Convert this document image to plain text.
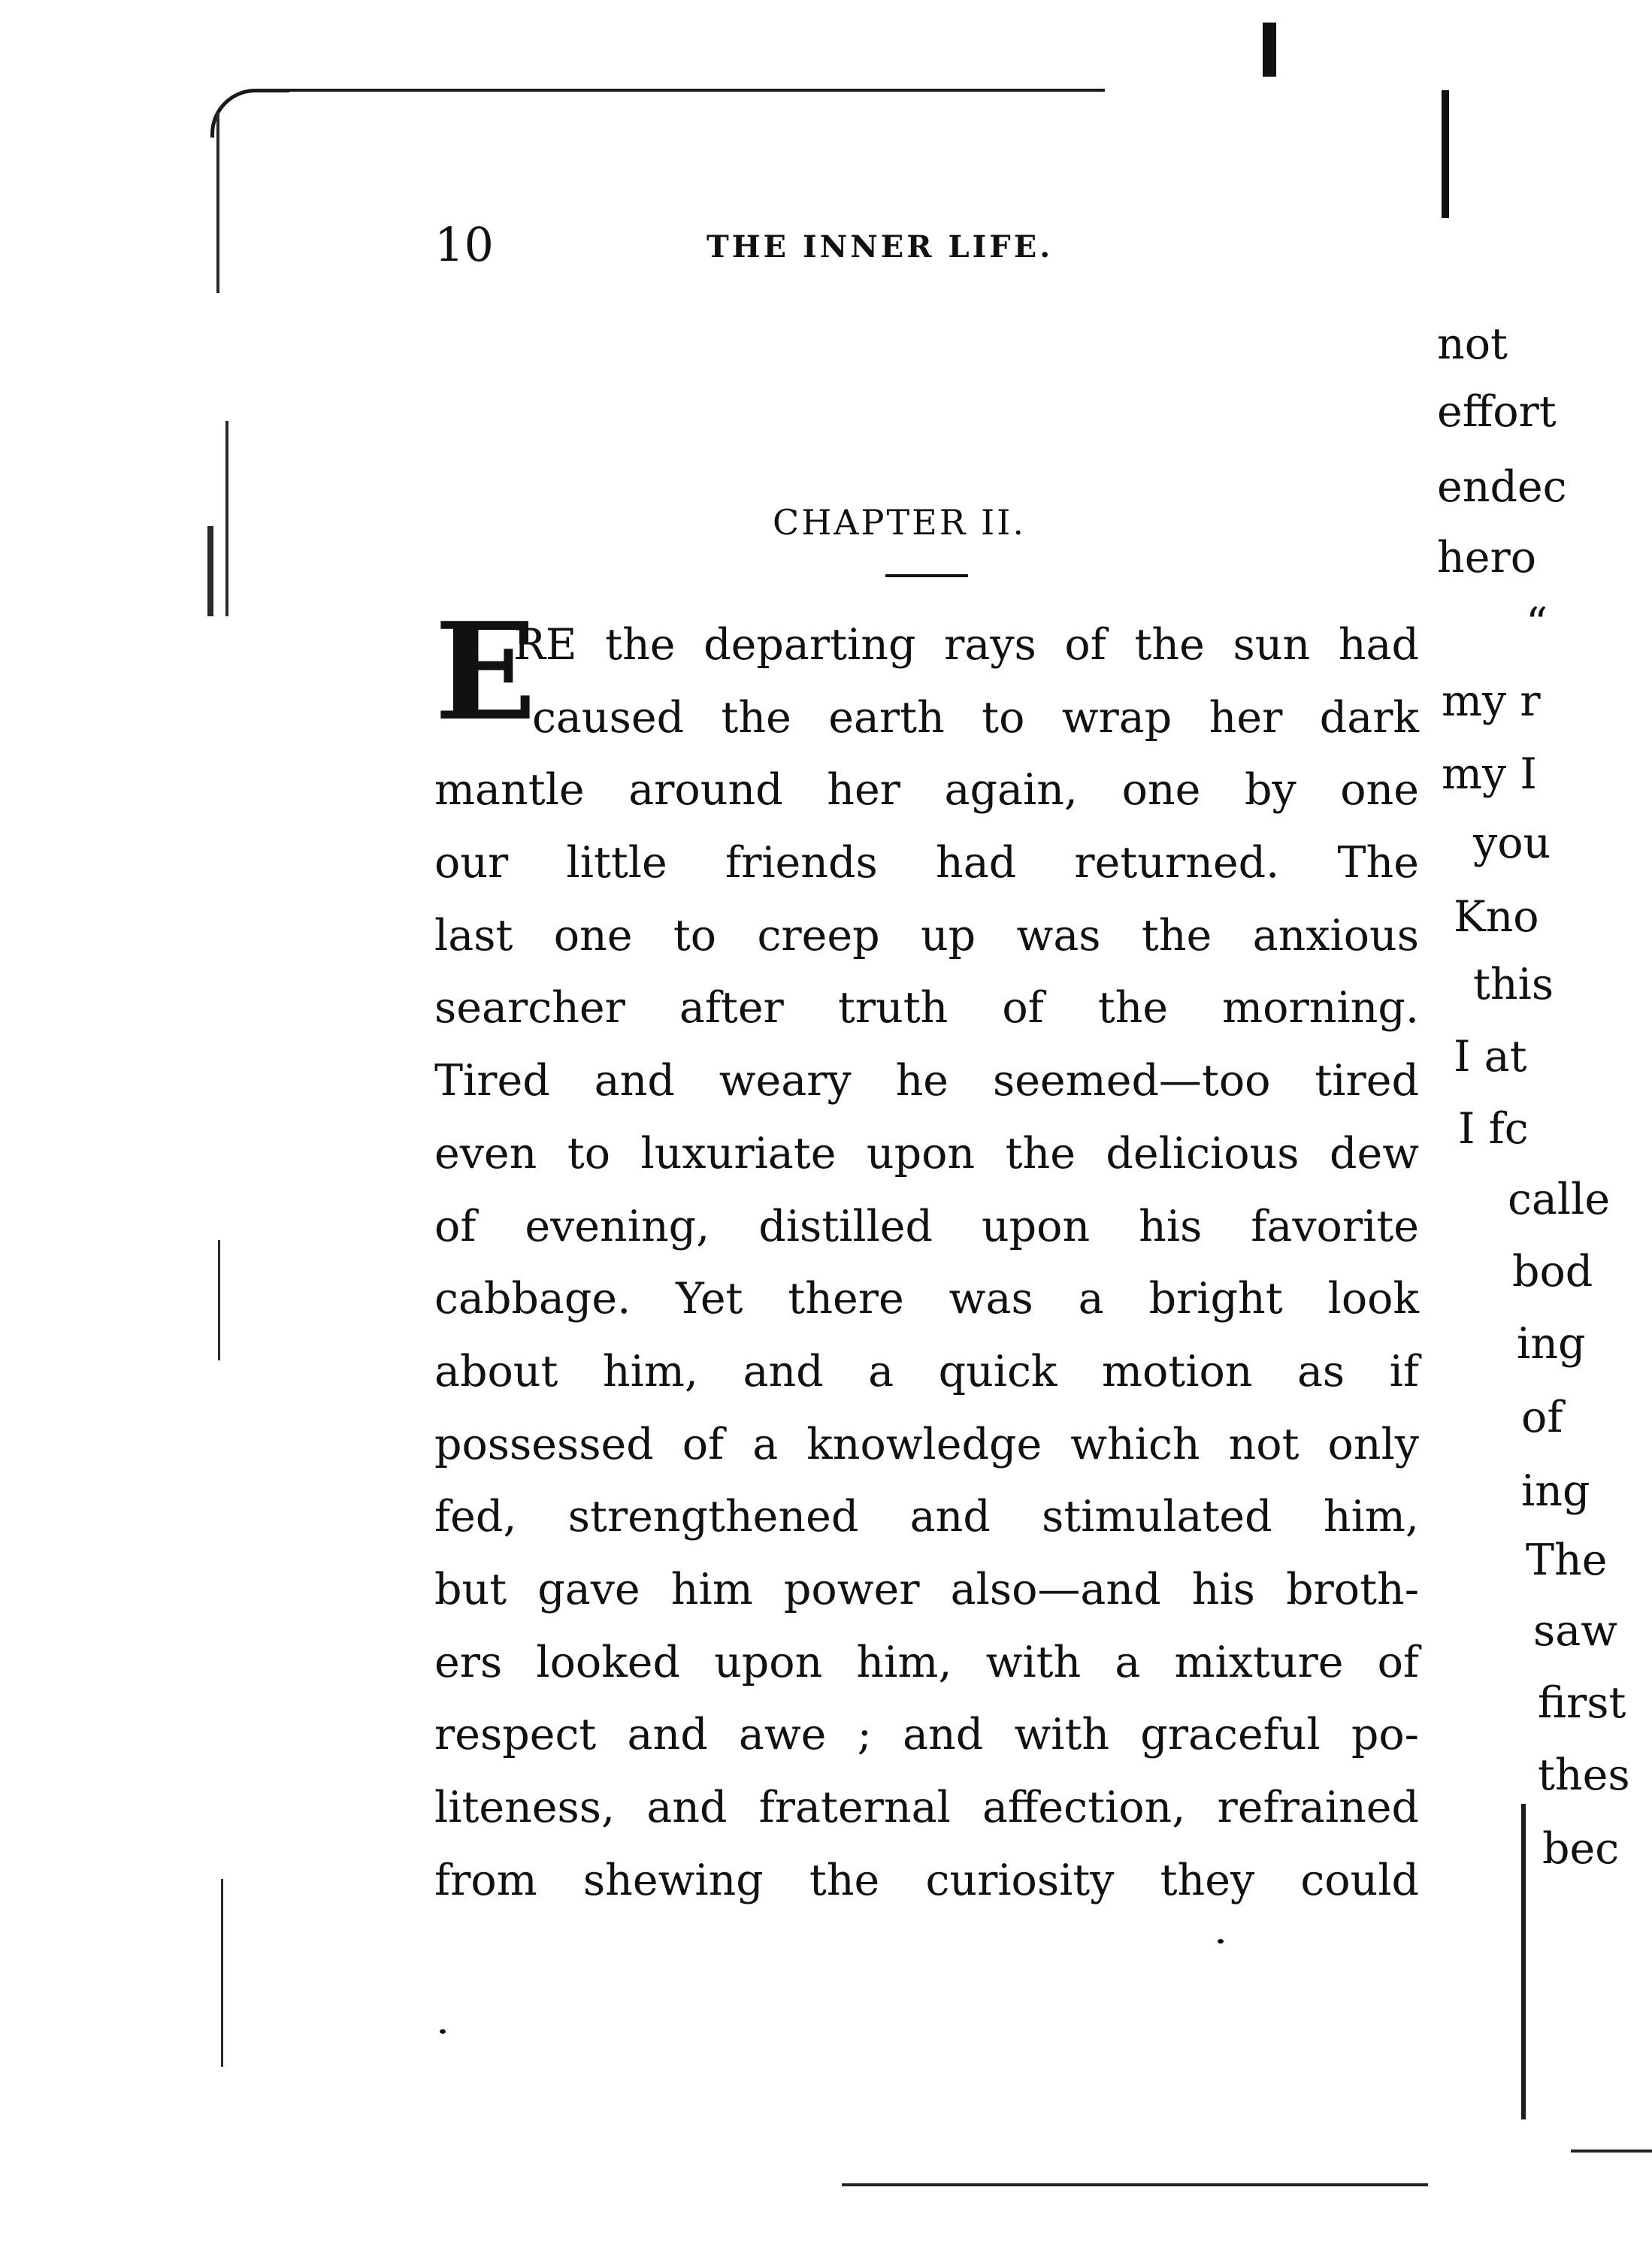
10	THE INNER LIFE.
CHAPTER II.
E
RE the departing rays of the sun had
caused the earth to wrap her dark
mantle around her again, one by one
our little friends had returned. The
last one to creep up was the anxious
searcher after truth of the morning.
Tired and weary he seemed—too tired
even to luxuriate upon the delicious dew
of evening, distilled upon his favorite
cabbage. Yet there was a bright look
about him, and a quick motion as if
possessed of a knowledge which not only
fed, strengthened and stimulated him,
but gave him power also—and his broth-
ers looked upon him, with a mixture of
respect and awe ; and with graceful po-
liteness, and fraternal affection, refrained
from shewing the curiosity they could
not
effort
endec
hero
“
my r
my I
you
Kno
this
I at
I fc
calle
bod
ing
of
ing
The
saw
first
thes
bec
